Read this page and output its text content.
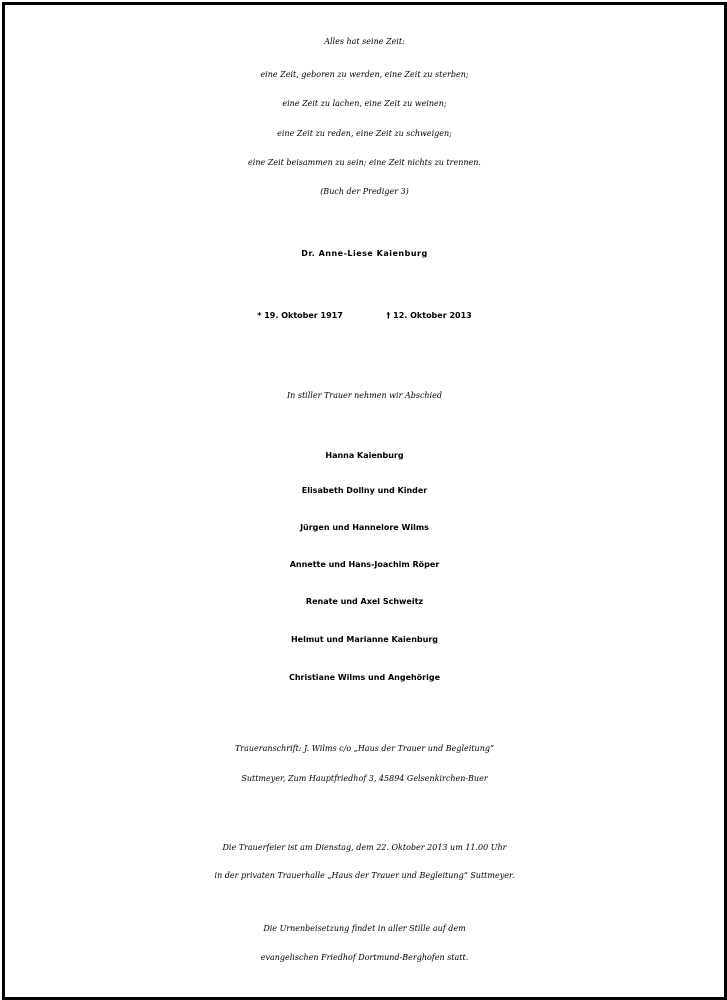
Alles hat seine Zeit:
eine Zeit, geboren zu werden, eine Zeit zu sterben;
eine Zeit zu lachen, eine Zeit zu weinen;
eine Zeit zu reden, eine Zeit zu schweigen;
eine Zeit beisammen zu sein; eine Zeit nichts zu trennen.
(Buch der Prediger 3)
Dr. Anne-Liese Kaienburg
* 19. Oktober 1917	† 12. Oktober 2013
In stiller Trauer nehmen wir Abschied
Hanna Kaienburg
Elisabeth Dollny und Kinder
Jürgen und Hannelore Wilms
Annette und Hans-Joachim Röper
Renate und Axel Schweitz
Helmut und Marianne Kaienburg
Christiane Wilms und Angehörige
Traueranschrift: J. Wilms c/o „Haus der Trauer und Begleitung“
Suttmeyer, Zum Hauptfriedhof 3, 45894 Gelsenkirchen-Buer
Die Trauerfeier ist am Dienstag, dem 22. Oktober 2013 um 11.00 Uhr
in der privaten Trauerhalle „Haus der Trauer und Begleitung“ Suttmeyer.
Die Urnenbeisetzung findet in aller Stille auf dem
evangelischen Friedhof Dortmund-Berghofen statt.
